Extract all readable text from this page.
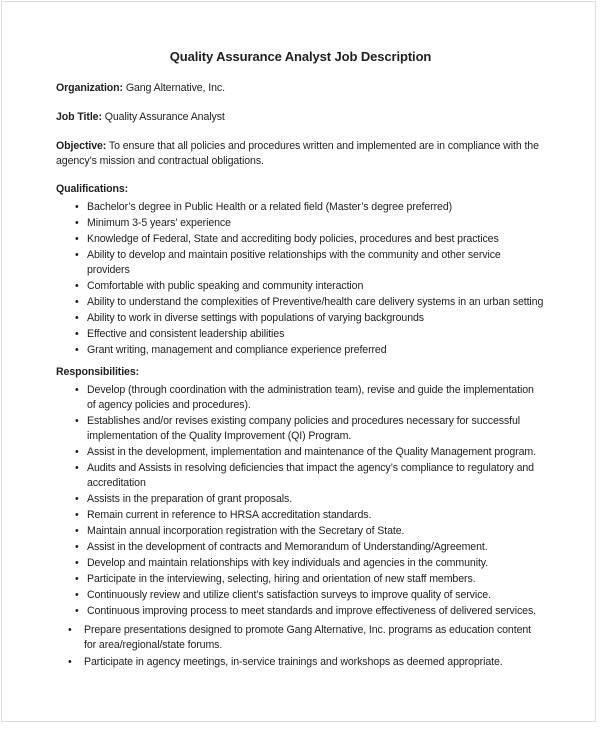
Quality Assurance Analyst Job Description

Organization: Gang Alternative, Inc.

Job Title: Quality Assurance Analyst

Objective: To ensure that all policies and procedures written and implemented are in compliance with the agency’s mission and contractual obligations.

Qualifications:

• Bachelor’s degree in Public Health or a related field (Master’s degree preferred)
• Minimum 3-5 years’ experience
• Knowledge of Federal, State and accrediting body policies, procedures and best practices
• Ability to develop and maintain positive relationships with the community and other service providers
• Comfortable with public speaking and community interaction
• Ability to understand the complexities of Preventive/health care delivery systems in an urban setting
• Ability to work in diverse settings with populations of varying backgrounds
• Effective and consistent leadership abilities
• Grant writing, management and compliance experience preferred

Responsibilities:

• Develop (through coordination with the administration team), revise and guide the implementation of agency policies and procedures).
• Establishes and/or revises existing company policies and procedures necessary for successful implementation of the Quality Improvement (QI) Program.
• Assist in the development, implementation and maintenance of the Quality Management program.
• Audits and Assists in resolving deficiencies that impact the agency’s compliance to regulatory and accreditation
• Assists in the preparation of grant proposals.
• Remain current in reference to HRSA accreditation standards.
• Maintain annual incorporation registration with the Secretary of State.
• Assist in the development of contracts and Memorandum of Understanding/Agreement.
• Develop and maintain relationships with key individuals and agencies in the community.
• Participate in the interviewing, selecting, hiring and orientation of new staff members.
• Continuously review and utilize client’s satisfaction surveys to improve quality of service.
• Continuous improving process to meet standards and improve effectiveness of delivered services.
• Prepare presentations designed to promote Gang Alternative, Inc. programs as education content for area/regional/state forums.
• Participate in agency meetings, in-service trainings and workshops as deemed appropriate.
